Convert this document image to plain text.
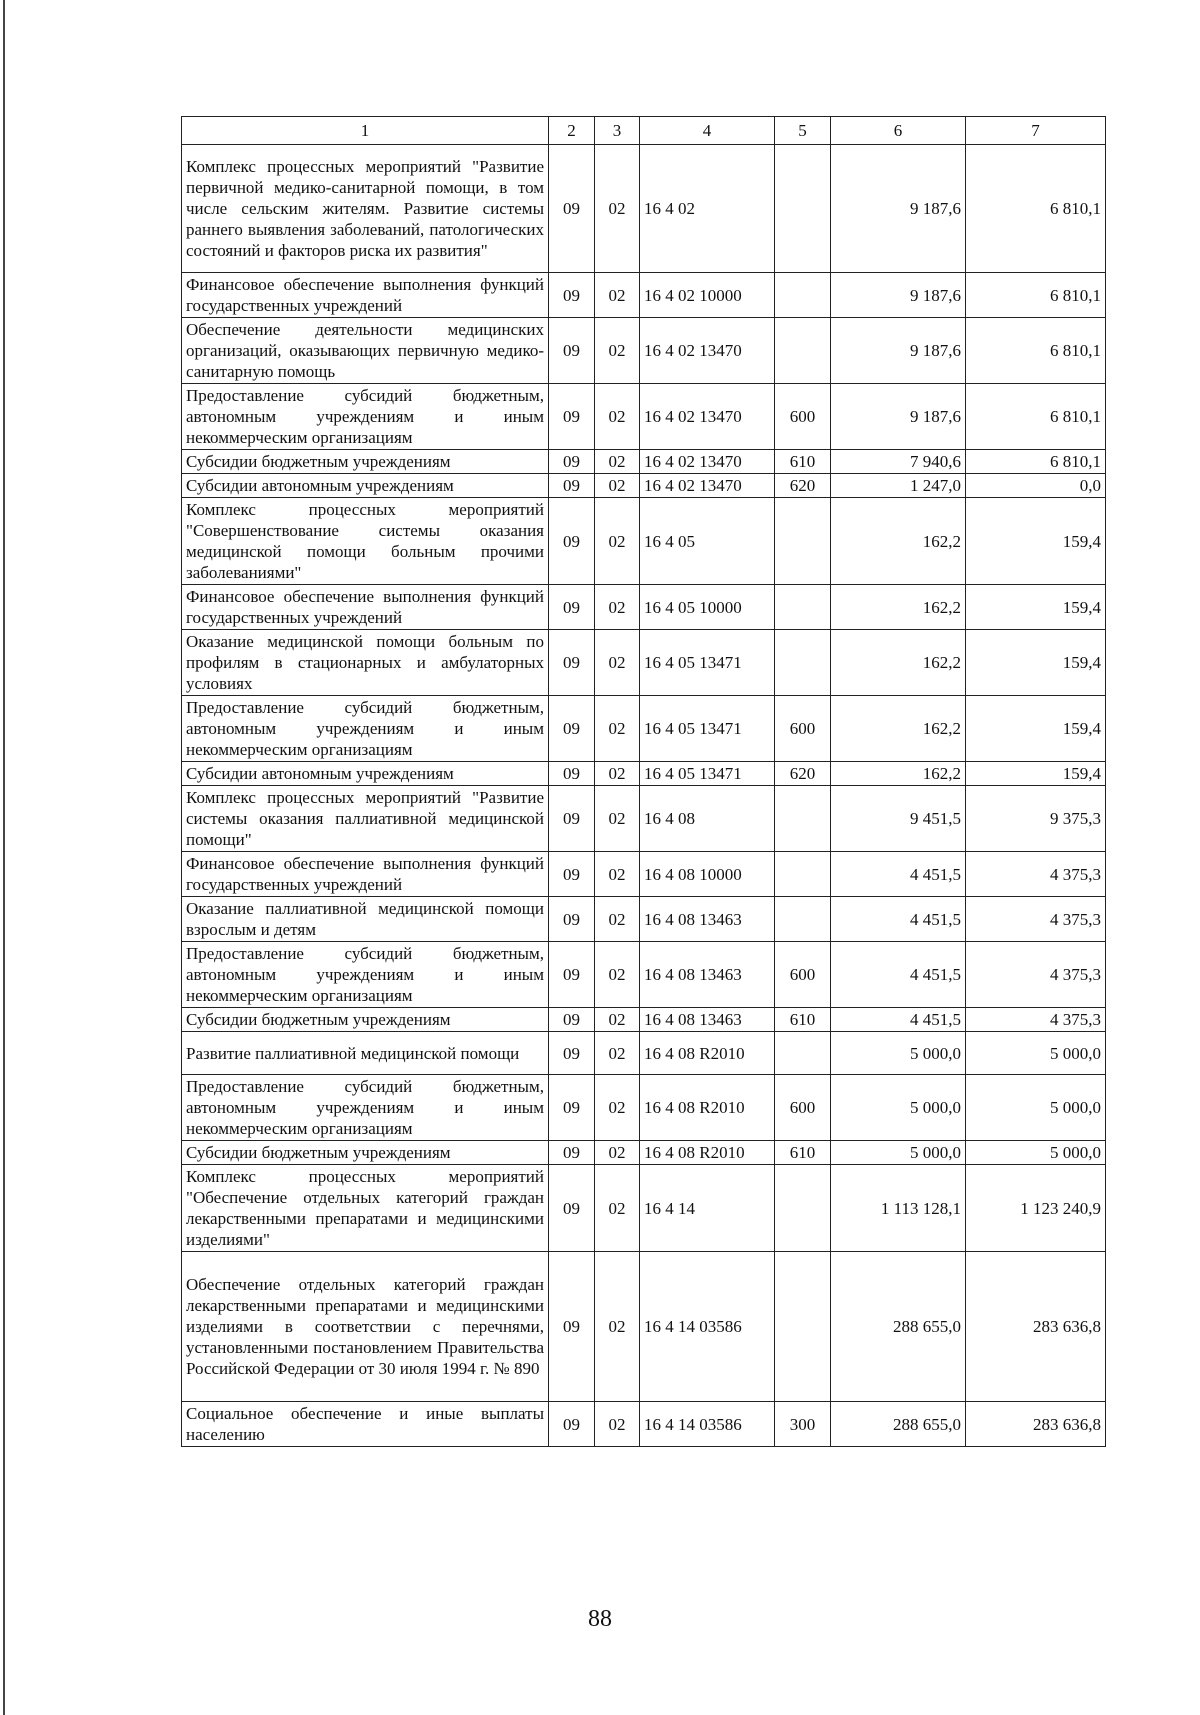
1	2	3	4	5	6	7
Комплекс процессных мероприятий "Развитие первичной медико-санитарной помощи, в том числе сельским жителям. Развитие системы раннего выявления заболеваний, патологических состояний и факторов риска их развития"	09	02	16 4 02		9 187,6	6 810,1
Финансовое обеспечение выполнения функций государственных учреждений	09	02	16 4 02 10000		9 187,6	6 810,1
Обеспечение деятельности медицинских организаций, оказывающих первичную медико-санитарную помощь	09	02	16 4 02 13470		9 187,6	6 810,1
Предоставление субсидий бюджетным, автономным учреждениям и иным некоммерческим организациям	09	02	16 4 02 13470	600	9 187,6	6 810,1
Субсидии бюджетным учреждениям	09	02	16 4 02 13470	610	7 940,6	6 810,1
Субсидии автономным учреждениям	09	02	16 4 02 13470	620	1 247,0	0,0
Комплекс процессных мероприятий "Совершенствование системы оказания медицинской помощи больным прочими заболеваниями"	09	02	16 4 05		162,2	159,4
Финансовое обеспечение выполнения функций государственных учреждений	09	02	16 4 05 10000		162,2	159,4
Оказание медицинской помощи больным по профилям в стационарных и амбулаторных условиях	09	02	16 4 05 13471		162,2	159,4
Предоставление субсидий бюджетным, автономным учреждениям и иным некоммерческим организациям	09	02	16 4 05 13471	600	162,2	159,4
Субсидии автономным учреждениям	09	02	16 4 05 13471	620	162,2	159,4
Комплекс процессных мероприятий "Развитие системы оказания паллиативной медицинской помощи"	09	02	16 4 08		9 451,5	9 375,3
Финансовое обеспечение выполнения функций государственных учреждений	09	02	16 4 08 10000		4 451,5	4 375,3
Оказание паллиативной медицинской помощи взрослым и детям	09	02	16 4 08 13463		4 451,5	4 375,3
Предоставление субсидий бюджетным, автономным учреждениям и иным некоммерческим организациям	09	02	16 4 08 13463	600	4 451,5	4 375,3
Субсидии бюджетным учреждениям	09	02	16 4 08 13463	610	4 451,5	4 375,3
Развитие паллиативной медицинской помощи	09	02	16 4 08 R2010		5 000,0	5 000,0
Предоставление субсидий бюджетным, автономным учреждениям и иным некоммерческим организациям	09	02	16 4 08 R2010	600	5 000,0	5 000,0
Субсидии бюджетным учреждениям	09	02	16 4 08 R2010	610	5 000,0	5 000,0
Комплекс процессных мероприятий "Обеспечение отдельных категорий граждан лекарственными препаратами и медицинскими изделиями"	09	02	16 4 14		1 113 128,1	1 123 240,9
Обеспечение отдельных категорий граждан лекарственными препаратами и медицинскими изделиями в соответствии с перечнями, установленными постановлением Правительства Российской Федерации от 30 июля 1994 г. № 890	09	02	16 4 14 03586		288 655,0	283 636,8
Социальное обеспечение и иные выплаты населению	09	02	16 4 14 03586	300	288 655,0	283 636,8
88
